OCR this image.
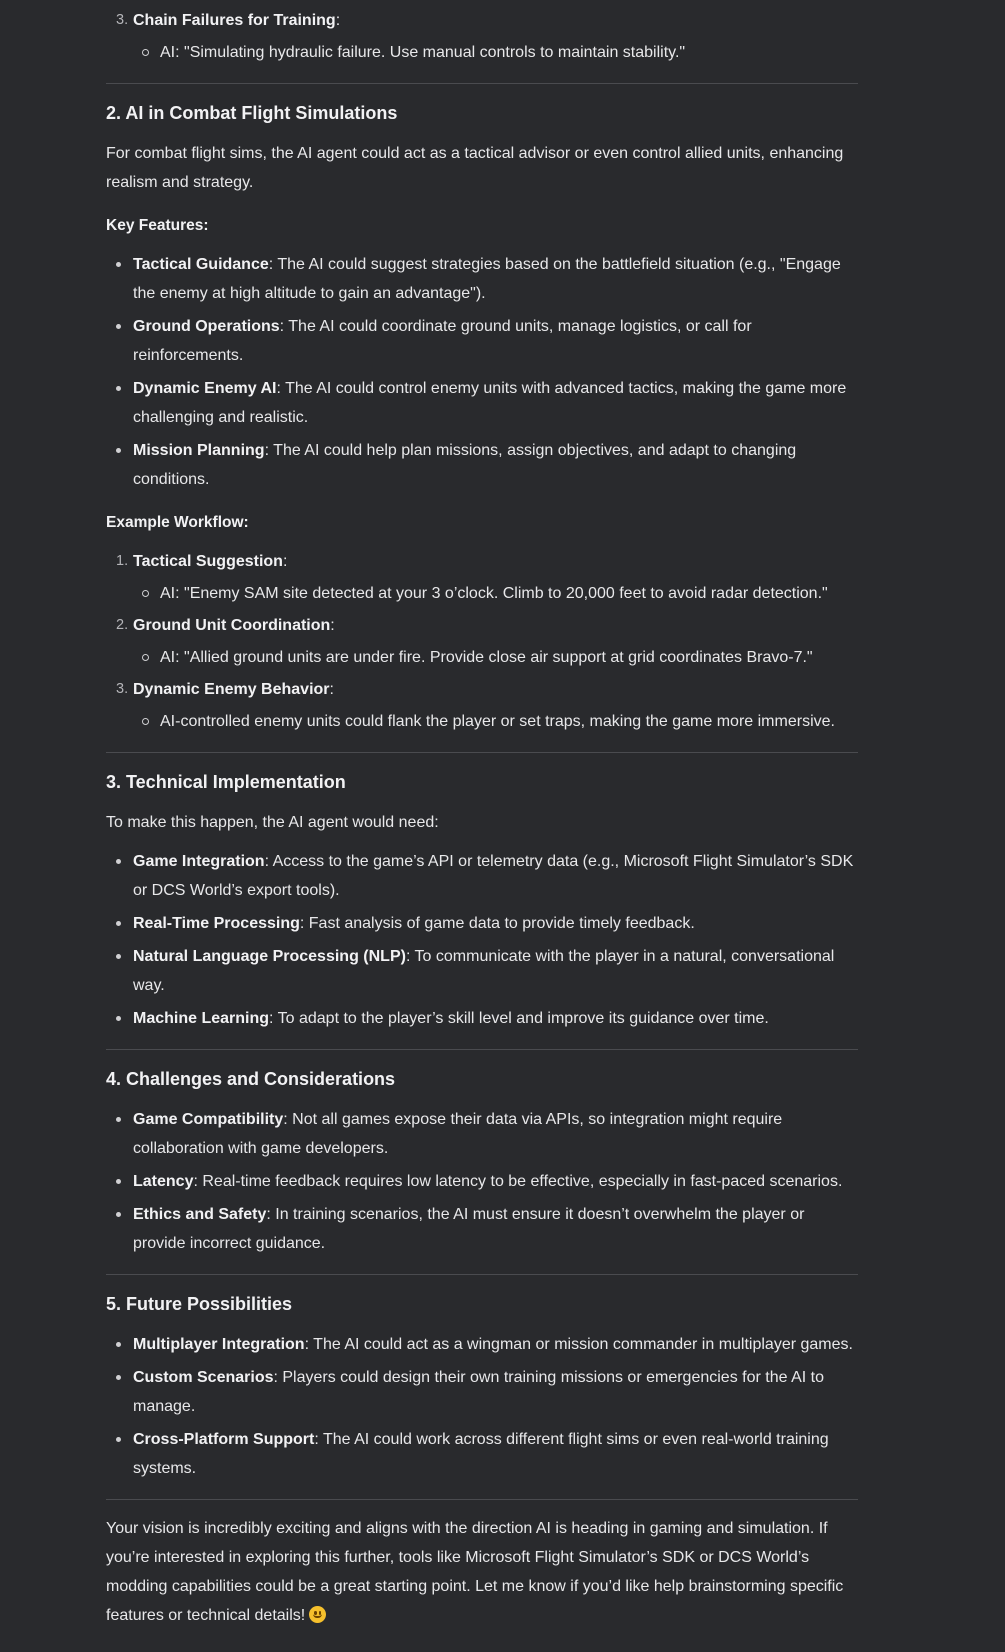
3. Chain Failures for Training:
AI: "Simulating hydraulic failure. Use manual controls to maintain stability."
2. AI in Combat Flight Simulations

For combat flight sims, the AI agent could act as a tactical advisor or even control allied units, enhancing realism and strategy.

Key Features:

Tactical Guidance: The AI could suggest strategies based on the battlefield situation (e.g., "Engage the enemy at high altitude to gain an advantage").
Ground Operations: The AI could coordinate ground units, manage logistics, or call for reinforcements.
Dynamic Enemy AI: The AI could control enemy units with advanced tactics, making the game more challenging and realistic.
Mission Planning: The AI could help plan missions, assign objectives, and adapt to changing conditions.

Example Workflow:

1. Tactical Suggestion:
AI: "Enemy SAM site detected at your 3 o’clock. Climb to 20,000 feet to avoid radar detection."
2. Ground Unit Coordination:
AI: "Allied ground units are under fire. Provide close air support at grid coordinates Bravo-7."
3. Dynamic Enemy Behavior:
AI-controlled enemy units could flank the player or set traps, making the game more immersive.
3. Technical Implementation

To make this happen, the AI agent would need:

Game Integration: Access to the game’s API or telemetry data (e.g., Microsoft Flight Simulator’s SDK or DCS World’s export tools).
Real-Time Processing: Fast analysis of game data to provide timely feedback.
Natural Language Processing (NLP): To communicate with the player in a natural, conversational way.
Machine Learning: To adapt to the player’s skill level and improve its guidance over time.
4. Challenges and Considerations
Game Compatibility: Not all games expose their data via APIs, so integration might require collaboration with game developers.
Latency: Real-time feedback requires low latency to be effective, especially in fast-paced scenarios.
Ethics and Safety: In training scenarios, the AI must ensure it doesn’t overwhelm the player or provide incorrect guidance.
5. Future Possibilities
Multiplayer Integration: The AI could act as a wingman or mission commander in multiplayer games.
Custom Scenarios: Players could design their own training missions or emergencies for the AI to manage.
Cross-Platform Support: The AI could work across different flight sims or even real-world training systems.

Your vision is incredibly exciting and aligns with the direction AI is heading in gaming and simulation. If you’re interested in exploring this further, tools like Microsoft Flight Simulator’s SDK or DCS World’s modding capabilities could be a great starting point. Let me know if you’d like help brainstorming specific features or technical details!
